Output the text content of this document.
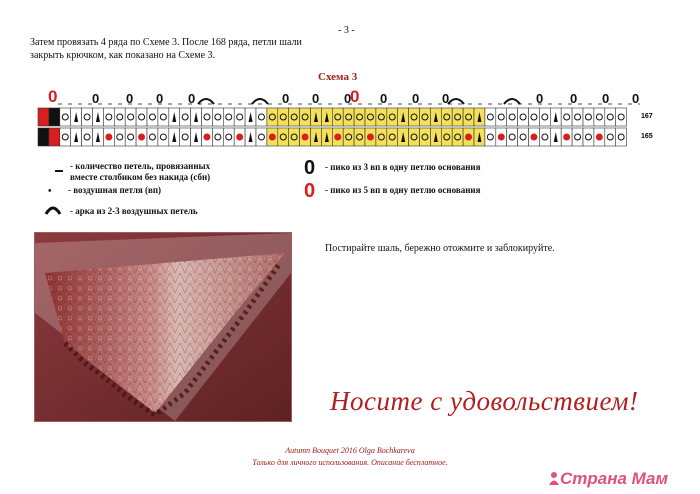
- 3 -
Затем провязать 4 ряда по Схеме 3. После 168 ряда, петли шали
закрыть крючком, как показано на Схеме 3.
Схема 3
0	0
0 0 0 0	0 0 0 0 0 0	0 0 0 0
167
165
- количество петель, провязанных
вместе столбиком без накида (сбн)
• - воздушная петля (вп)
- арка из 2-3 воздушных петель
0 - пико из 3 вп в одну петлю основания
0 - пико из 5 вп в одну петлю основания
Постирайте шаль, бережно отожмите и заблокируйте.
Носите с удовольствием!
Autumn Bouquet 2016 Olga Bochkareva
Только для личного использования. Описание бесплатное.
Страна Мам
